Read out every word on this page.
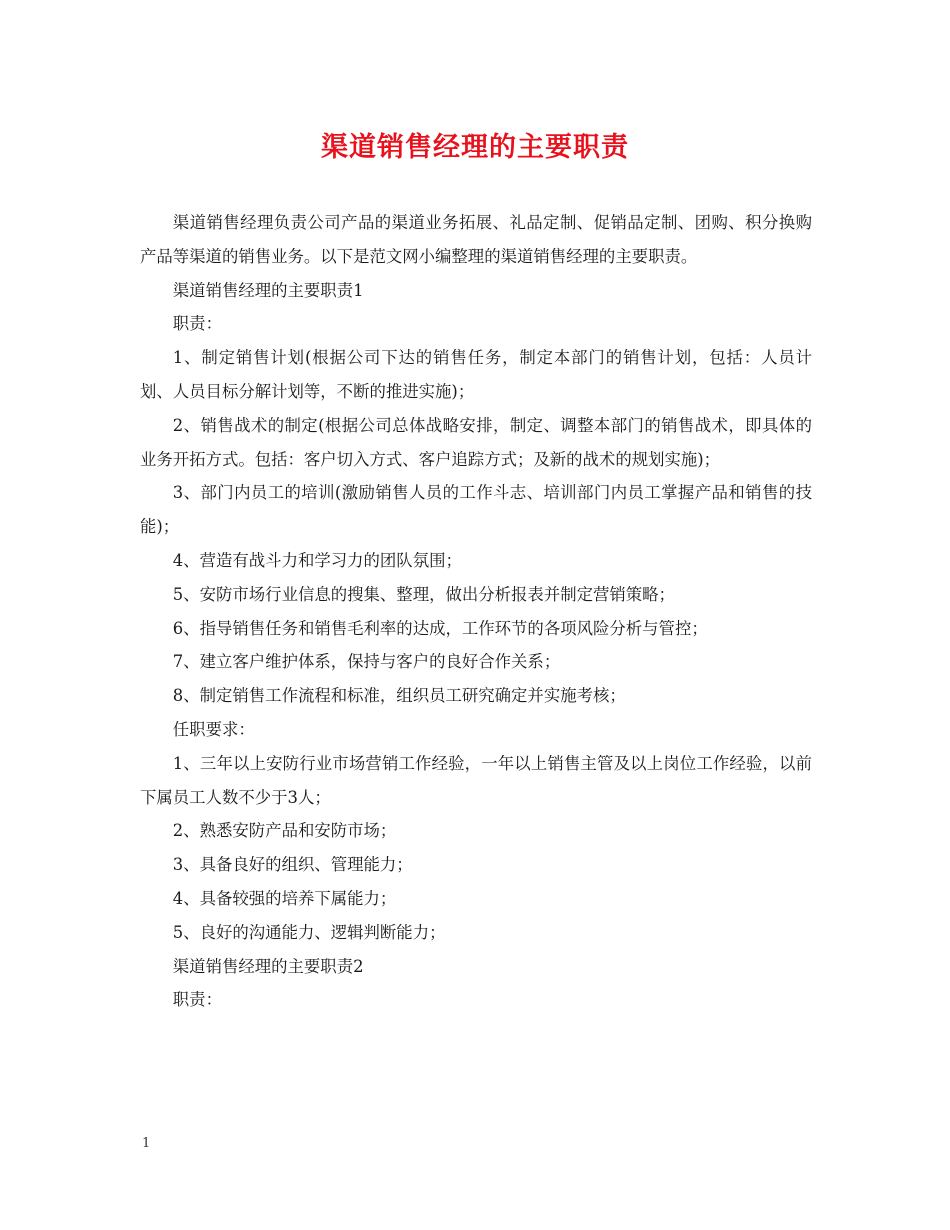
渠道销售经理的主要职责

渠道销售经理负责公司产品的渠道业务拓展、礼品定制、促销品定制、团购、积分换购产品等渠道的销售业务。以下是范文网小编整理的渠道销售经理的主要职责。

渠道销售经理的主要职责1

职责：

1、制定销售计划(根据公司下达的销售任务，制定本部门的销售计划，包括：人员计划、人员目标分解计划等，不断的推进实施)；

2、销售战术的制定(根据公司总体战略安排，制定、调整本部门的销售战术，即具体的业务开拓方式。包括：客户切入方式、客户追踪方式；及新的战术的规划实施)；

3、部门内员工的培训(激励销售人员的工作斗志、培训部门内员工掌握产品和销售的技能)；

4、营造有战斗力和学习力的团队氛围；

5、安防市场行业信息的搜集、整理，做出分析报表并制定营销策略；

6、指导销售任务和销售毛利率的达成，工作环节的各项风险分析与管控；

7、建立客户维护体系，保持与客户的良好合作关系；

8、制定销售工作流程和标准，组织员工研究确定并实施考核；

任职要求：

1、三年以上安防行业市场营销工作经验，一年以上销售主管及以上岗位工作经验，以前下属员工人数不少于3人；

2、熟悉安防产品和安防市场；

3、具备良好的组织、管理能力；

4、具备较强的培养下属能力；

5、良好的沟通能力、逻辑判断能力；

渠道销售经理的主要职责2

职责：

1
